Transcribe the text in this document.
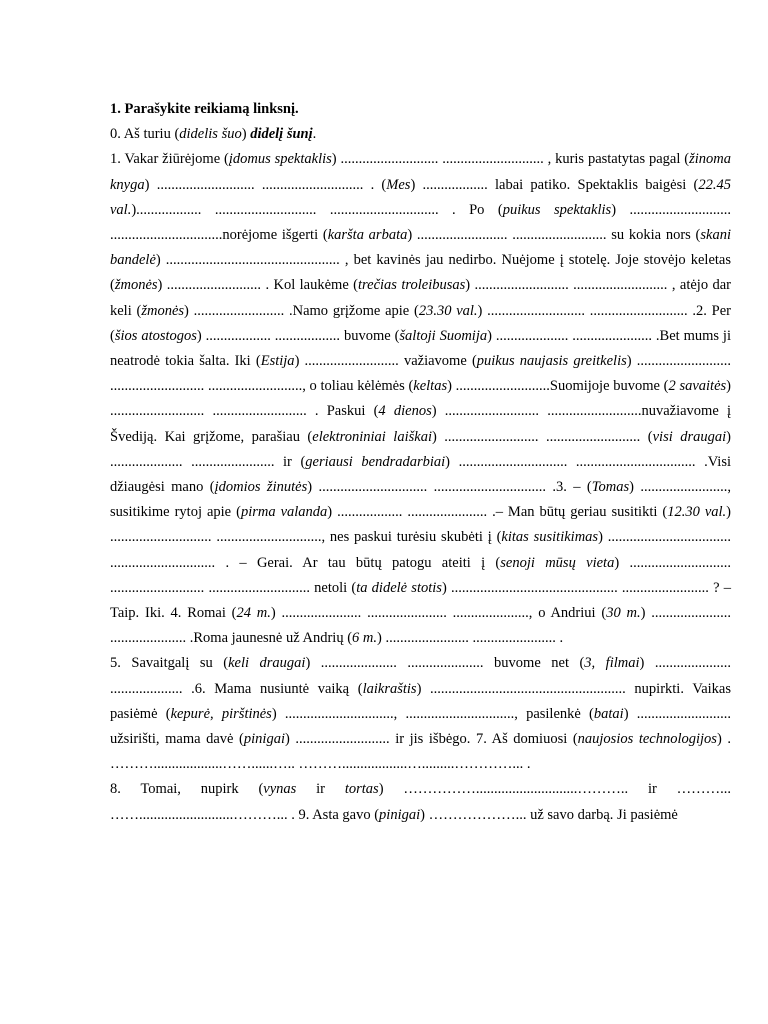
1. Parašykite reikiamą linksnį.

0. Aš turiu (didelis šuo) didelį šunį.

1. Vakar žiūrėjome (įdomus spektaklis) ........................... ............................ , kuris pastatytas pagal (žinoma knyga) ........................... ............................ . (Mes) .................. labai patiko. Spektaklis baigėsi (22.45 val.).................. ............................ .............................. . Po (puikus spektaklis) ............................ ...............................norėjome išgerti (karšta arbata) ......................... .......................... su kokia nors (skani bandelė) ................................................ , bet kavinės jau nedirbo. Nuėjome į stotelę. Joje stovėjo keletas (žmonės) .......................... . Kol laukėme (trečias troleibusas) .......................... .......................... , atėjo dar keli (žmonės) ......................... .Namo grįžome apie (23.30 val.) ........................... ........................... .2. Per (šios atostogos) .................. .................. buvome (šaltoji Suomija) .................... ...................... .Bet mums ji neatrodė tokia šalta. Iki (Estija) .......................... važiavome (puikus naujasis greitkelis) .......................... .......................... .........................., o toliau kėlėmės (keltas) ..........................Suomijoje buvome (2 savaitės) .......................... .......................... . Paskui (4 dienos) .......................... ..........................nuvažiavome į Švediją. Kai grįžome, parašiau (elektroniniai laiškai) .......................... .......................... (visi draugai) .................... ....................... ir (geriausi bendradarbiai) .............................. ................................. .Visi džiaugėsi mano (įdomios žinutės) .............................. ............................... .3. – (Tomas) ........................, susitikime rytoj apie (pirma valanda) .................. ...................... .– Man būtų geriau susitikti (12.30 val.) ............................ ............................., nes paskui turėsiu skubėti į (kitas susitikimas) .................................. ............................. . – Gerai. Ar tau būtų patogu ateiti į (senoji mūsų vieta) ............................ .......................... ............................ netoli (ta didelė stotis) .............................................. ........................ ? – Taip. Iki. 4. Romai (24 m.) ...................... ...................... ....................., o Andriui (30 m.) ...................... ..................... .Roma jaunesnė už Andrių (6 m.) ....................... ....................... .

5. Savaitgalį su (keli draugai) ..................... ..................... buvome net (3, filmai) ..................... .................... .6. Mama nusiuntė vaiką (laikraštis) ...................................................... nupirkti. Vaikas pasiėmė (kepurė, pirštinės) .............................., .............................., pasilenkė (batai) .......................... užsirišti, mama davė (pinigai) .......................... ir jis išbėgo. 7. Aš domiuosi (naujosios technologijos) . ………...................……......….. ………..................….........…………... .

8. Tomai, nupirk (vynas ir tortas) ……………............................……….. ir ………... ……..........................………... . 9. Asta gavo (pinigai) ………………... už savo darbą. Ji pasiėmė
